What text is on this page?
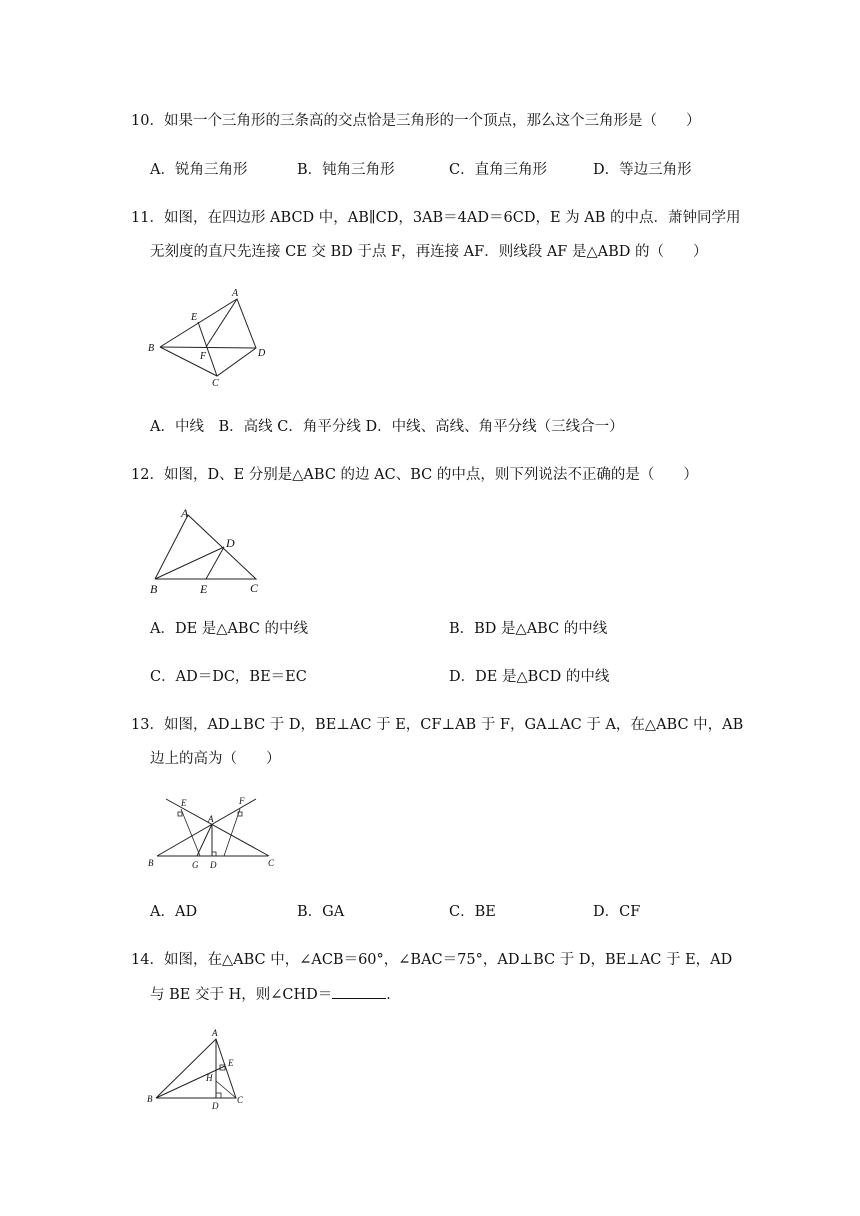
10．如果一个三角形的三条高的交点恰是三角形的一个顶点，那么这个三角形是（　　）
A．锐角三角形	B．钝角三角形	C．直角三角形	D．等边三角形
11．如图，在四边形 ABCD 中，AB∥CD，3AB＝4AD＝6CD，E 为 AB 的中点．萧钟同学用
无刻度的直尺先连接 CE 交 BD 于点 F，再连接 AF．则线段 AF 是△ABD 的（　　）
A
B
C
D
E
F
A．中线　B．高线 C．角平分线 D．中线、高线、角平分线（三线合一）
12．如图，D、E 分别是△ABC 的边 AC、BC 的中点，则下列说法不正确的是（　　）
A
B	C
D
E
A．DE 是△ABC 的中线	B．BD 是△ABC 的中线
C．AD＝DC，BE＝EC	D．DE 是△BCD 的中线
13．如图，AD⊥BC 于 D，BE⊥AC 于 E，CF⊥AB 于 F，GA⊥AC 于 A，在△ABC 中，AB
边上的高为（　　）
A
B	C
D
E	F
G
A．AD	B．GA	C．BE	D．CF
14．如图，在△ABC 中，∠ACB＝60°，∠BAC＝75°，AD⊥BC 于 D，BE⊥AC 于 E，AD
与 BE 交于 H，则∠CHD＝	．
A
B	C
D
E
H
